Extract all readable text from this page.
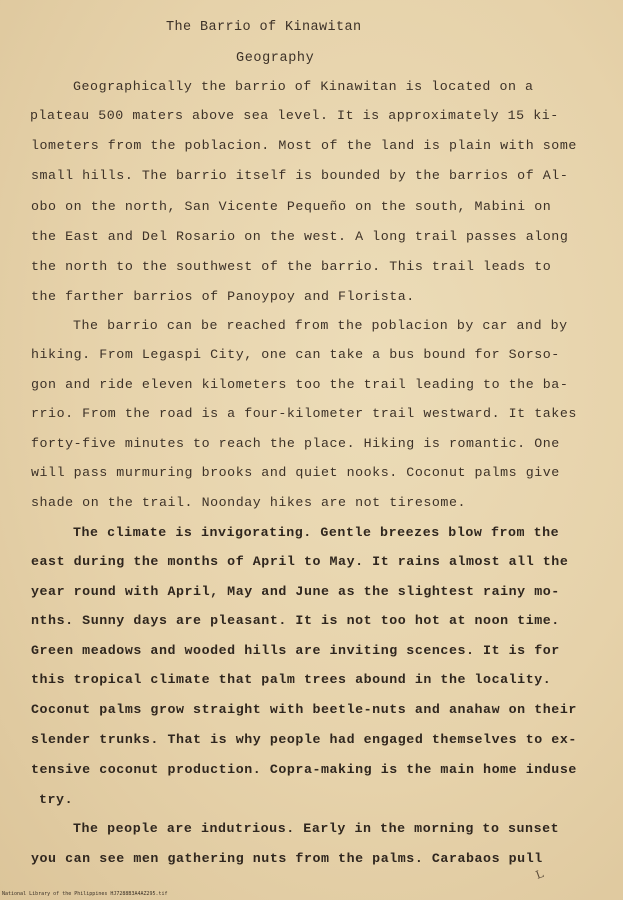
The Barrio of Kinawitan
Geography
Geographically the barrio of Kinawitan is located on a
plateau 500 maters above sea level. It is approximately 15 ki-
lometers from the poblacion. Most of the land is plain with some
small hills. The barrio itself is bounded by the barrios of Al-
obo on the north, San Vicente Pequeño on the south, Mabini on
the East and Del Rosario on the west. A long trail passes along
the north to the southwest of the barrio. This trail leads to
the farther barrios of Panoypoy and Florista.
The barrio can be reached from the poblacion by car and by
hiking. From Legaspi City, one can take a bus bound for Sorso-
gon and ride eleven kilometers too the trail leading to the ba-
rrio. From the road is a four-kilometer trail westward. It takes
forty-five minutes to reach the place. Hiking is romantic. One
will pass murmuring brooks and quiet nooks. Coconut palms give
shade on the trail. Noonday hikes are not tiresome.
The climate is invigorating. Gentle breezes blow from the
east during the months of April to May. It rains almost all the
year round with April, May and June as the slightest rainy mo-
nths. Sunny days are pleasant. It is not too hot at noon time.
Green meadows and wooded hills are inviting scences. It is for
this tropical climate that palm trees abound in the locality.
Coconut palms grow straight with beetle-nuts and anahaw on their
slender trunks. That is why people had engaged themselves to ex-
tensive coconut production. Copra-making is the main home induse
try.
The people are indutrious. Early in the morning to sunset
you can see men gathering nuts from the palms. Carabaos pull
L
National Library of the Philippines HJ7288B3A4AZ295.tif
